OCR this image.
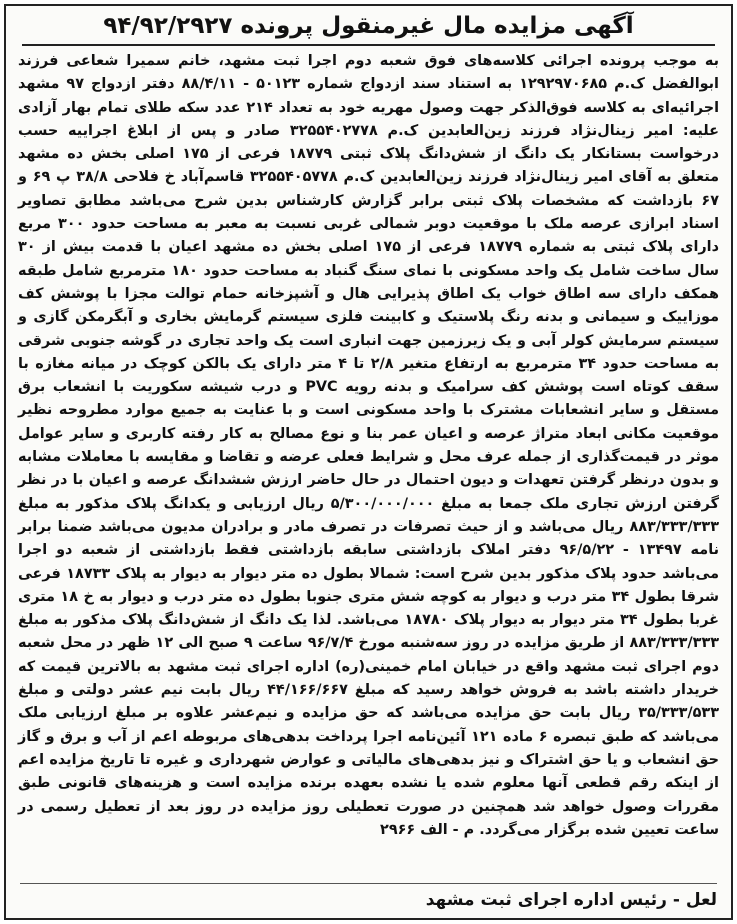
آگهی مزایده مال غیرمنقول پرونده ۹۴/۹۲/۲۹۲۷

به موجب پرونده اجرائی کلاسه‌های فوق شعبه دوم اجرا ثبت مشهد، خانم سمیرا شعاعی فرزند ابوالفضل ک.م ۱۲۹۲۹۷۰۶۸۵ به استناد سند ازدواج شماره ۵۰۱۲۳ - ۸۸/۴/۱۱ دفتر ازدواج ۹۷ مشهد اجرائیه‌ای به کلاسه فوق‌الذکر جهت وصول مهریه خود به تعداد ۲۱۴ عدد سکه طلای تمام بهار آزادی علیه: امیر زینال‌نژاد فرزند زین‌العابدین ک.م ۳۲۵۵۴۰۲۷۷۸ صادر و پس از ابلاغ اجراییه حسب درخواست بستانکار یک دانگ از شش‌دانگ پلاک ثبتی ۱۸۷۷۹ فرعی از ۱۷۵ اصلی بخش ده مشهد متعلق به آقای امیر زینال‌نژاد فرزند زین‌العابدین ک.م ۳۲۵۵۴۰۵۷۷۸ قاسم‌آباد خ فلاحی ۳۸/۸ پ ۶۹ و ۶۷ بازداشت که مشخصات پلاک ثبتی برابر گزارش کارشناس بدین شرح می‌باشد مطابق تصاویر اسناد ابرازی عرصه ملک با موقعیت دوبر شمالی غربی نسبت به معبر به مساحت حدود ۳۰۰ مربع دارای پلاک ثبتی به شماره ۱۸۷۷۹ فرعی از ۱۷۵ اصلی بخش ده مشهد اعیان با قدمت بیش از ۳۰ سال ساخت شامل یک واحد مسکونی با نمای سنگ گنباد به مساحت حدود ۱۸۰ مترمربع شامل طبقه همکف دارای سه اطاق خواب یک اطاق پذیرایی هال و آشپزخانه حمام توالت مجزا با پوشش کف موزاییک و سیمانی و بدنه رنگ پلاستیک و کابینت فلزی سیستم گرمایش بخاری و آبگرمکن گازی و سیستم سرمایش کولر آبی و یک زیرزمین جهت انباری است یک واحد تجاری در گوشه جنوبی شرقی به مساحت حدود ۳۴ مترمربع به ارتفاع متغیر ۲/۸ تا ۴ متر دارای یک بالکن کوچک در میانه مغازه با سقف کوتاه است پوشش کف سرامیک و بدنه رویه PVC و درب شیشه سکوریت با انشعاب برق مستقل و سایر انشعابات مشترک با واحد مسکونی است و با عنایت به جمیع موارد مطروحه نظیر موقعیت مکانی ابعاد متراژ عرصه و اعیان عمر بنا و نوع مصالح به کار رفته کاربری و سایر عوامل موثر در قیمت‌گذاری از جمله عرف محل و شرایط فعلی عرضه و تقاضا و مقایسه با معاملات مشابه و بدون درنظر گرفتن تعهدات و دیون احتمال در حال حاضر ارزش ششدانگ عرصه و اعیان با در نظر گرفتن ارزش تجاری ملک جمعا به مبلغ ۵/۳۰۰/۰۰۰/۰۰۰ ریال ارزیابی و یکدانگ پلاک مذکور به مبلغ ۸۸۳/۳۳۳/۳۳۳ ریال می‌باشد و از حیث تصرفات در تصرف مادر و برادران مدیون می‌باشد ضمنا برابر نامه ۱۳۴۹۷ - ۹۶/۵/۲۲ دفتر املاک بازداشتی سابقه بازداشتی فقط بازداشتی از شعبه دو اجرا می‌باشد حدود پلاک مذکور بدین شرح است: شمالا بطول ده متر دیوار به دیوار به پلاک ۱۸۷۳۳ فرعی شرقا بطول ۳۴ متر درب و دیوار به کوچه شش متری جنوبا بطول ده متر درب و دیوار به خ ۱۸ متری غربا بطول ۳۴ متر دیوار به دیوار پلاک ۱۸۷۸۰ می‌باشد. لذا یک دانگ از شش‌دانگ پلاک مذکور به مبلغ ۸۸۳/۳۳۳/۳۳۳ از طریق مزایده در روز سه‌شنبه مورخ ۹۶/۷/۴ ساعت ۹ صبح الی ۱۲ ظهر در محل شعبه دوم اجرای ثبت مشهد واقع در خیابان امام خمینی(ره) اداره اجرای ثبت مشهد به بالاترین قیمت که خریدار داشته باشد به فروش خواهد رسید که مبلغ ۴۴/۱۶۶/۶۶۷ ریال بابت نیم عشر دولتی و مبلغ ۳۵/۳۳۳/۵۳۳ ریال بابت حق مزایده می‌باشد که حق مزایده و نیم‌عشر علاوه بر مبلغ ارزیابی ملک می‌باشد که طبق تبصره ۶ ماده ۱۲۱ آئین‌نامه اجرا پرداخت بدهی‌های مربوطه اعم از آب و برق و گاز حق انشعاب و یا حق اشتراک و نیز بدهی‌های مالیاتی و عوارض شهرداری و غیره تا تاریخ مزایده اعم از اینکه رقم قطعی آنها معلوم شده یا نشده بعهده برنده مزایده است و هزینه‌های قانونی طبق مقررات وصول خواهد شد همچنین در صورت تعطیلی روز مزایده در روز بعد از تعطیل رسمی در ساعت تعیین شده برگزار می‌گردد. م - الف ۲۹۶۶

لعل - رئیس اداره اجرای ثبت مشهد
